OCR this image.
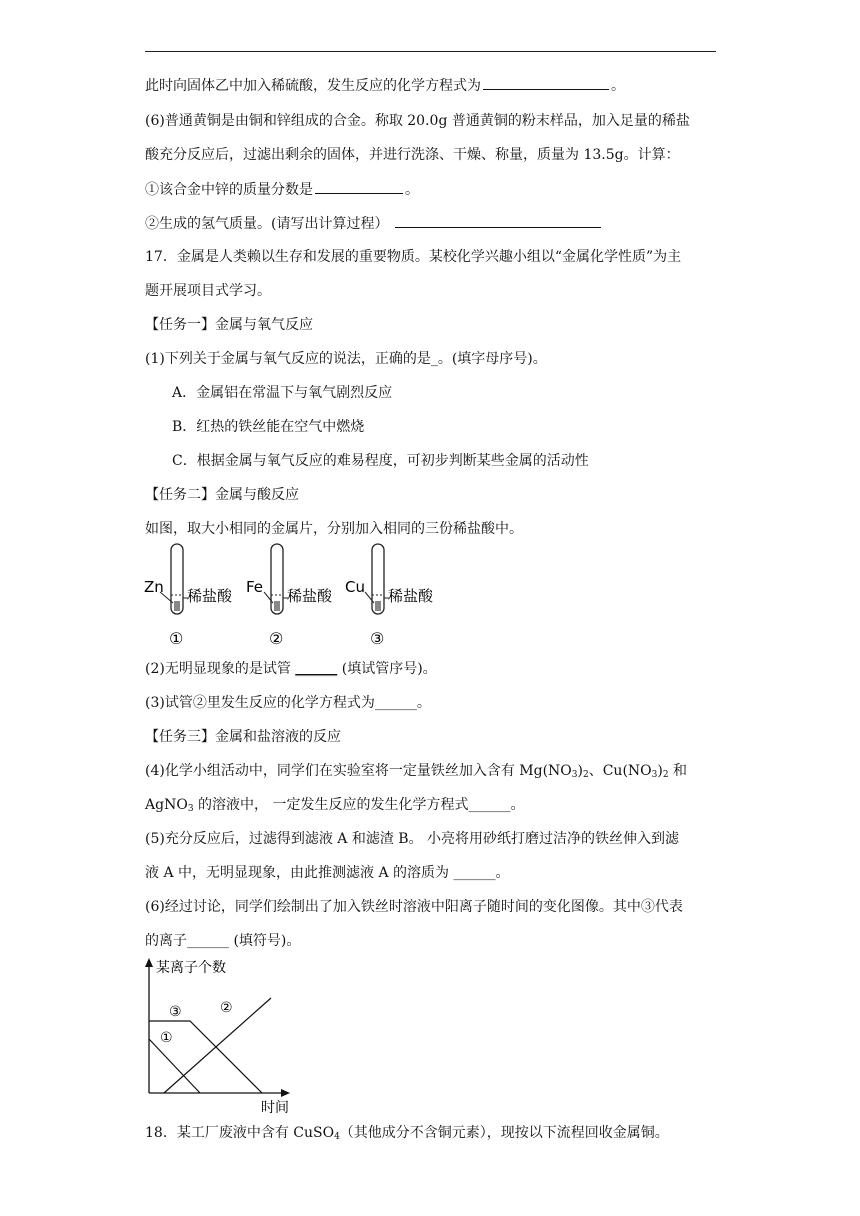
此时向固体乙中加入稀硫酸，发生反应的化学方程式为	。
(6)普通黄铜是由铜和锌组成的合金。称取 20.0g 普通黄铜的粉末样品，加入足量的稀盐
酸充分反应后，过滤出剩余的固体，并进行洗涤、干燥、称量，质量为 13.5g。计算：
①该合金中锌的质量分数是	。
②生成的氢气质量。(请写出计算过程）
17．金属是人类赖以生存和发展的重要物质。某校化学兴趣小组以“金属化学性质”为主
题开展项目式学习。
【任务一】金属与氧气反应
(1)下列关于金属与氧气反应的说法，正确的是_。(填字母序号)。
A．金属铝在常温下与氧气剧烈反应
B．红热的铁丝能在空气中燃烧
C．根据金属与氧气反应的难易程度，可初步判断某些金属的活动性
【任务二】金属与酸反应
如图，取大小相同的金属片，分别加入相同的三份稀盐酸中。
Zn 稀盐酸
①
Fe 稀盐酸
②
Cu 稀盐酸
③
(2)无明显现象的是试管 ______ (填试管序号)。
(3)试管②里发生反应的化学方程式为______。
【任务三】金属和盐溶液的反应
(4)化学小组活动中，同学们在实验室将一定量铁丝加入含有 $Mg(NO_3)_2$、$Cu(NO_3)_2$ 和
AgNO$_3$ 的溶液中， 一定发生反应的发生化学方程式______。
(5)充分反应后，过滤得到滤液 A 和滤渣 B。 小亮将用砂纸打磨过洁净的铁丝伸入到滤
液 A 中，无明显现象，由此推测滤液 A 的溶质为 ______。
(6)经过讨论，同学们绘制出了加入铁丝时溶液中阳离子随时间的变化图像。其中③代表
的离子______ (填符号)。
某离子个数
时间
①
②
③
18．某工厂废液中含有 CuSO$_4$（其他成分不含铜元素），现按以下流程回收金属铜。
